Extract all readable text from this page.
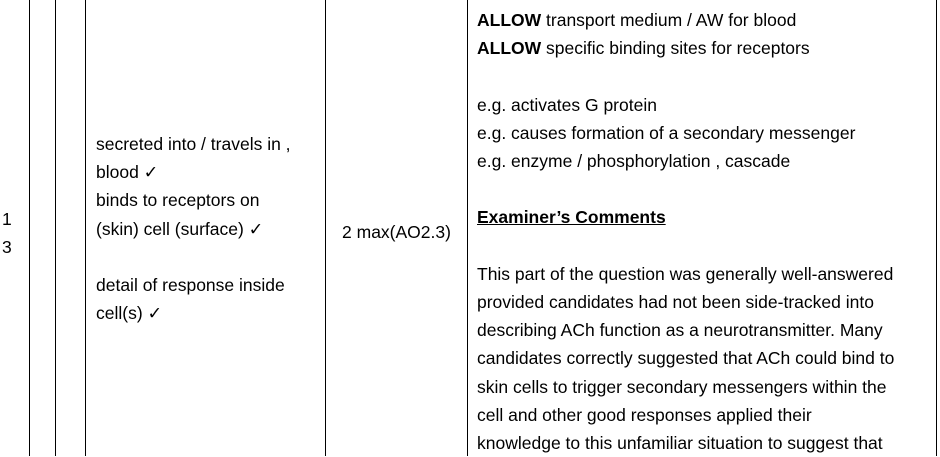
1
3
secreted into / travels in ,
blood ✓
binds to receptors on
(skin) cell (surface) ✓
detail of response inside
cell(s) ✓
2 max(AO2.3)
ALLOW transport medium / AW for blood
ALLOW specific binding sites for receptors
e.g. activates G protein
e.g. causes formation of a secondary messenger
e.g. enzyme / phosphorylation , cascade
Examiner’s Comments
This part of the question was generally well-answered
provided candidates had not been side-tracked into
describing ACh function as a neurotransmitter. Many
candidates correctly suggested that ACh could bind to
skin cells to trigger secondary messengers within the
cell and other good responses applied their
knowledge to this unfamiliar situation to suggest that
